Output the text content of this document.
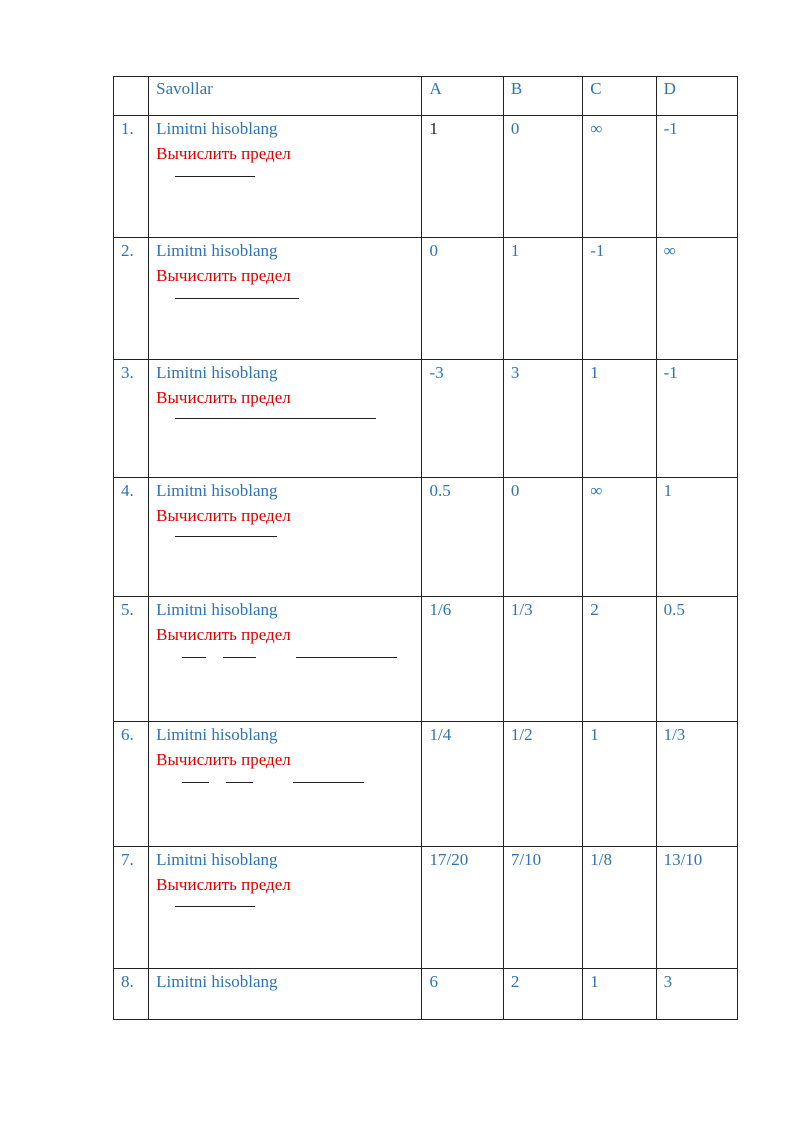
	Savollar	A	B	C	D

1.	Limitni hisoblang
Вычислить предел	1	0	∞	-1

2.	Limitni hisoblang
Вычислить предел	0	1	-1	∞

3.	Limitni hisoblang
Вычислить предел	-3	3	1	-1

4.	Limitni hisoblang
Вычислить предел	0.5	0	∞	1

5.	Limitni hisoblang
Вычислить предел	1/6	1/3	2	0.5

6.	Limitni hisoblang
Вычислить предел	1/4	1/2	1	1/3

7.	Limitni hisoblang
Вычислить предел	17/20	7/10	1/8	13/10

8.	Limitni hisoblang	6	2	1	3
